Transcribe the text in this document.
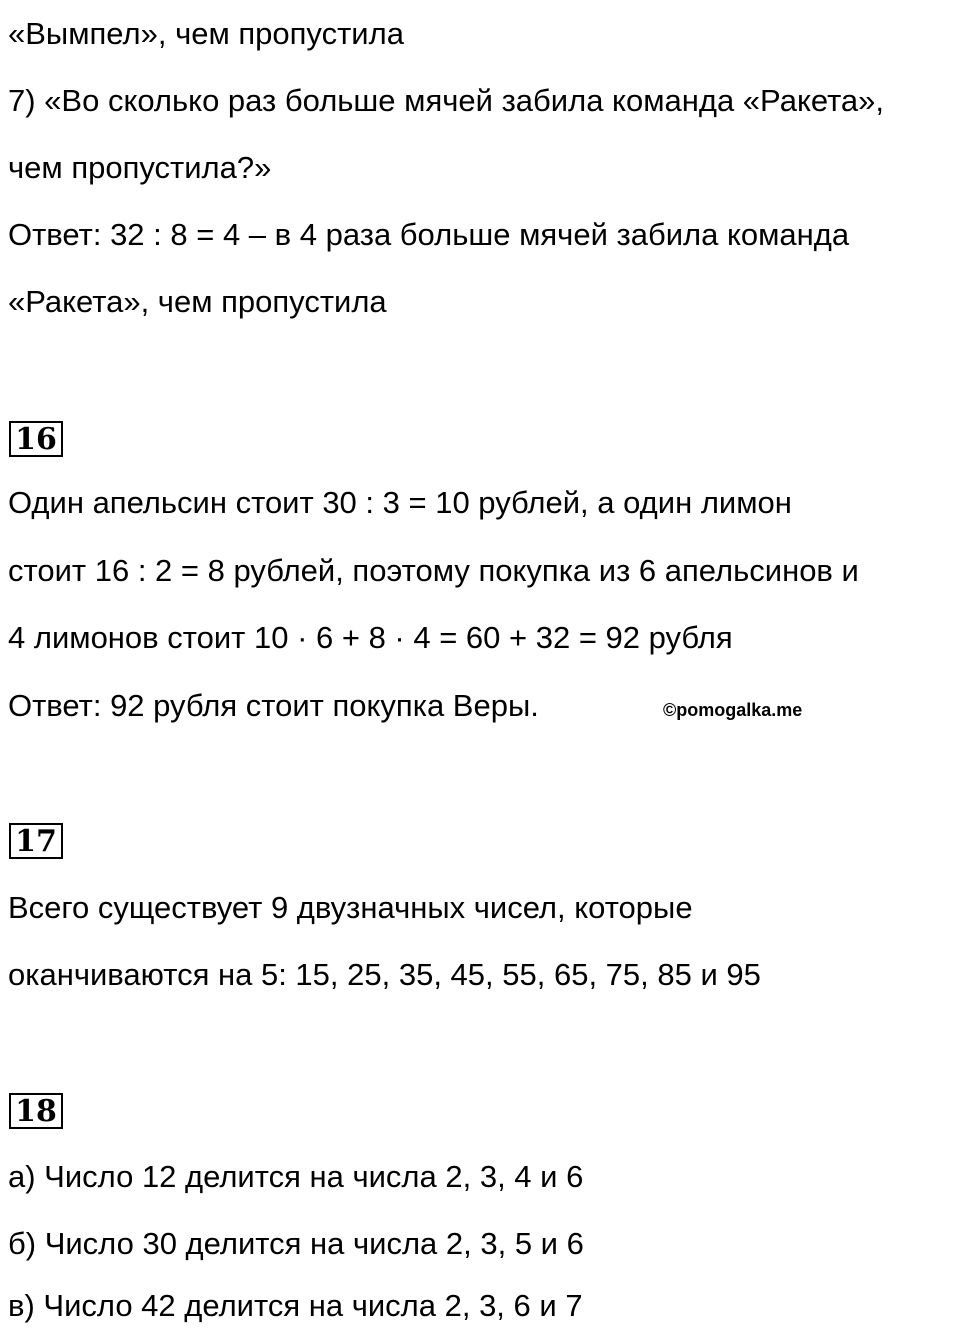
«Вымпел», чем пропустила
7) «Во сколько раз больше мячей забила команда «Ракета»,
чем пропустила?»
Ответ: 32 : 8 = 4 – в 4 раза больше мячей забила команда
«Ракета», чем пропустила
16
Один апельсин стоит 30 : 3 = 10 рублей, а один лимон
стоит 16 : 2 = 8 рублей, поэтому покупка из 6 апельсинов и
4 лимонов стоит 10 · 6 + 8 · 4 = 60 + 32 = 92 рубля
Ответ: 92 рубля стоит покупка Веры.	©pomogalka.me
17
Всего существует 9 двузначных чисел, которые
оканчиваются на 5: 15, 25, 35, 45, 55, 65, 75, 85 и 95
18
а) Число 12 делится на числа 2, 3, 4 и 6
б) Число 30 делится на числа 2, 3, 5 и 6
в) Число 42 делится на числа 2, 3, 6 и 7
